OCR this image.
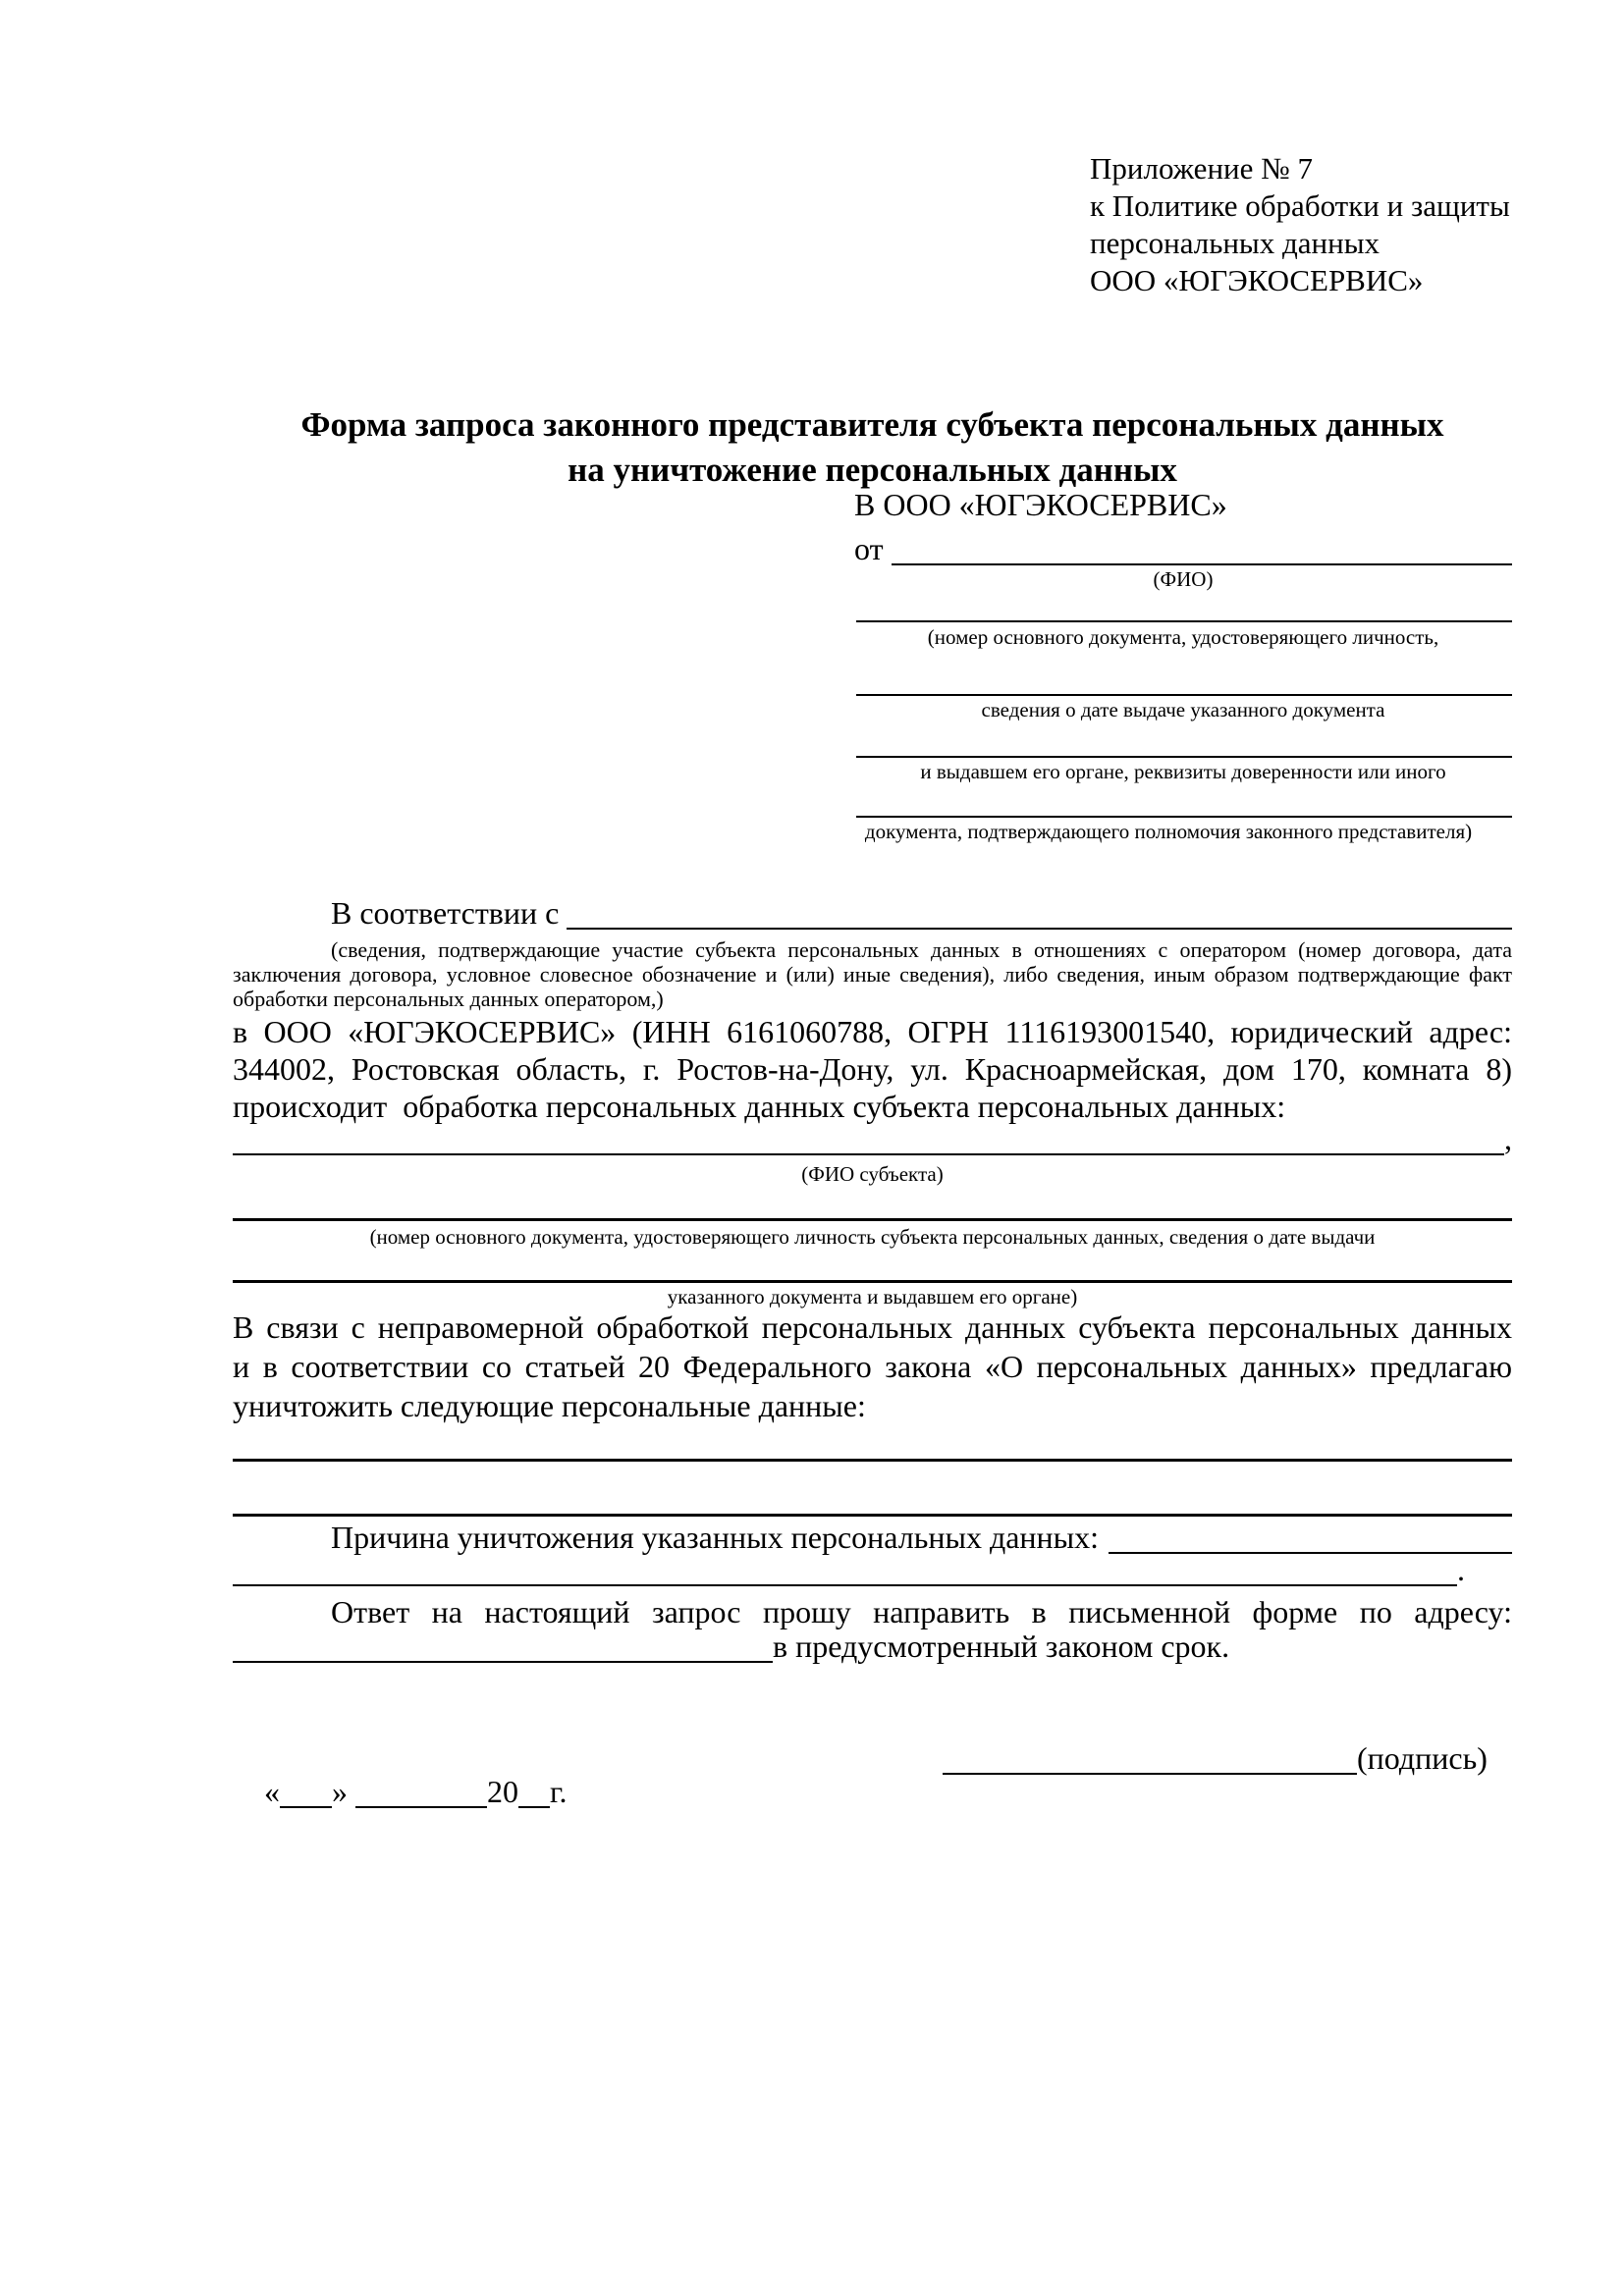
Приложение № 7
к Политике обработки и защиты
персональных данных
ООО «ЮГЭКОСЕРВИС»
Форма запроса законного представителя субъекта персональных данных
на уничтожение персональных данных
В ООО «ЮГЭКОСЕРВИС»
от
(ФИО)
(номер основного документа, удостоверяющего личность,
сведения о дате выдаче указанного документа
и выдавшем его органе, реквизиты доверенности или иного
документа, подтверждающего полномочия законного представителя)
В соответствии с
(сведения, подтверждающие участие субъекта персональных данных в отношениях с оператором (номер договора, дата
заключения договора, условное словесное обозначение и (или) иные сведения), либо сведения, иным образом подтверждающие факт
обработки персональных данных оператором,)
в ООО «ЮГЭКОСЕРВИС» (ИНН 6161060788, ОГРН 1116193001540, юридический адрес:
344002, Ростовская область, г. Ростов-на-Дону, ул. Красноармейская, дом 170, комната 8)
происходит  обработка персональных данных субъекта персональных данных:
,
(ФИО субъекта)
(номер основного документа, удостоверяющего личность субъекта персональных данных, сведения о дате выдачи
указанного документа и выдавшем его органе)
В связи с неправомерной обработкой персональных данных субъекта персональных данных
и в соответствии со статьей 20 Федерального закона «О персональных данных» предлагаю
уничтожить следующие персональные данные:
Причина уничтожения указанных персональных данных:
.
Ответ на настоящий запрос прошу направить в письменной форме по адресу:
в предусмотренный законом срок.

« »	20 г.

(подпись)
